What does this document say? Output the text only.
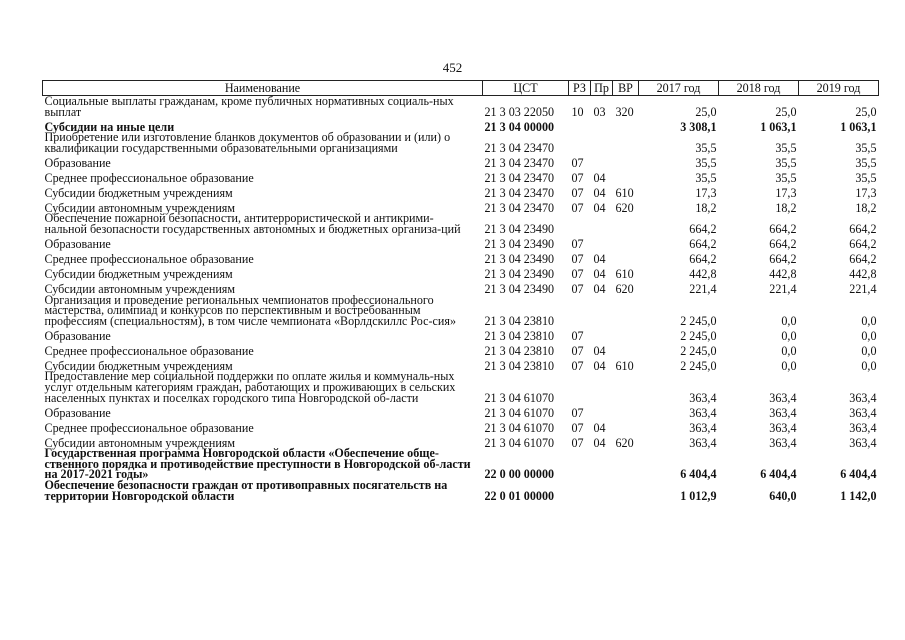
452
Наименование	ЦСТ	РЗ	Пр	ВР	2017 год	2018 год	2019 год
Социальные выплаты гражданам, кроме публичных нормативных социаль-ных выплат	21 3 03 22050	10	03	320	25,0	25,0	25,0
Субсидии на иные цели	21 3 04 00000				3 308,1	1 063,1	1 063,1
Приобретение или изготовление бланков документов об образовании и (или) о квалификации государственными образовательными организациями	21 3 04 23470				35,5	35,5	35,5
Образование	21 3 04 23470	07			35,5	35,5	35,5
Среднее профессиональное образование	21 3 04 23470	07	04		35,5	35,5	35,5
Субсидии бюджетным учреждениям	21 3 04 23470	07	04	610	17,3	17,3	17,3
Субсидии автономным учреждениям	21 3 04 23470	07	04	620	18,2	18,2	18,2
Обеспечение пожарной безопасности, антитеррористической и антикрими-нальной безопасности государственных автономных и бюджетных организа-ций	21 3 04 23490				664,2	664,2	664,2
Образование	21 3 04 23490	07			664,2	664,2	664,2
Среднее профессиональное образование	21 3 04 23490	07	04		664,2	664,2	664,2
Субсидии бюджетным учреждениям	21 3 04 23490	07	04	610	442,8	442,8	442,8
Субсидии автономным учреждениям	21 3 04 23490	07	04	620	221,4	221,4	221,4
Организация и проведение региональных чемпионатов профессионального мастерства, олимпиад и конкурсов по перспективным и востребованным профессиям (специальностям), в том числе чемпионата «Ворлдскиллс Рос-сия»	21 3 04 23810				2 245,0	0,0	0,0
Образование	21 3 04 23810	07			2 245,0	0,0	0,0
Среднее профессиональное образование	21 3 04 23810	07	04		2 245,0	0,0	0,0
Субсидии бюджетным учреждениям	21 3 04 23810	07	04	610	2 245,0	0,0	0,0
Предоставление мер социальной поддержки по оплате жилья и коммуналь-ных услуг отдельным категориям граждан, работающих и проживающих в сельских населенных пунктах и поселках городского типа Новгородской об-ласти	21 3 04 61070				363,4	363,4	363,4
Образование	21 3 04 61070	07			363,4	363,4	363,4
Среднее профессиональное образование	21 3 04 61070	07	04		363,4	363,4	363,4
Субсидии автономным учреждениям	21 3 04 61070	07	04	620	363,4	363,4	363,4
Государственная программа Новгородской области «Обеспечение обще-ственного порядка и противодействие преступности в Новгородской об-ласти на 2017-2021 годы»	22 0 00 00000				6 404,4	6 404,4	6 404,4
Обеспечение безопасности граждан от противоправных посягательств на территории Новгородской области	22 0 01 00000				1 012,9	640,0	1 142,0
